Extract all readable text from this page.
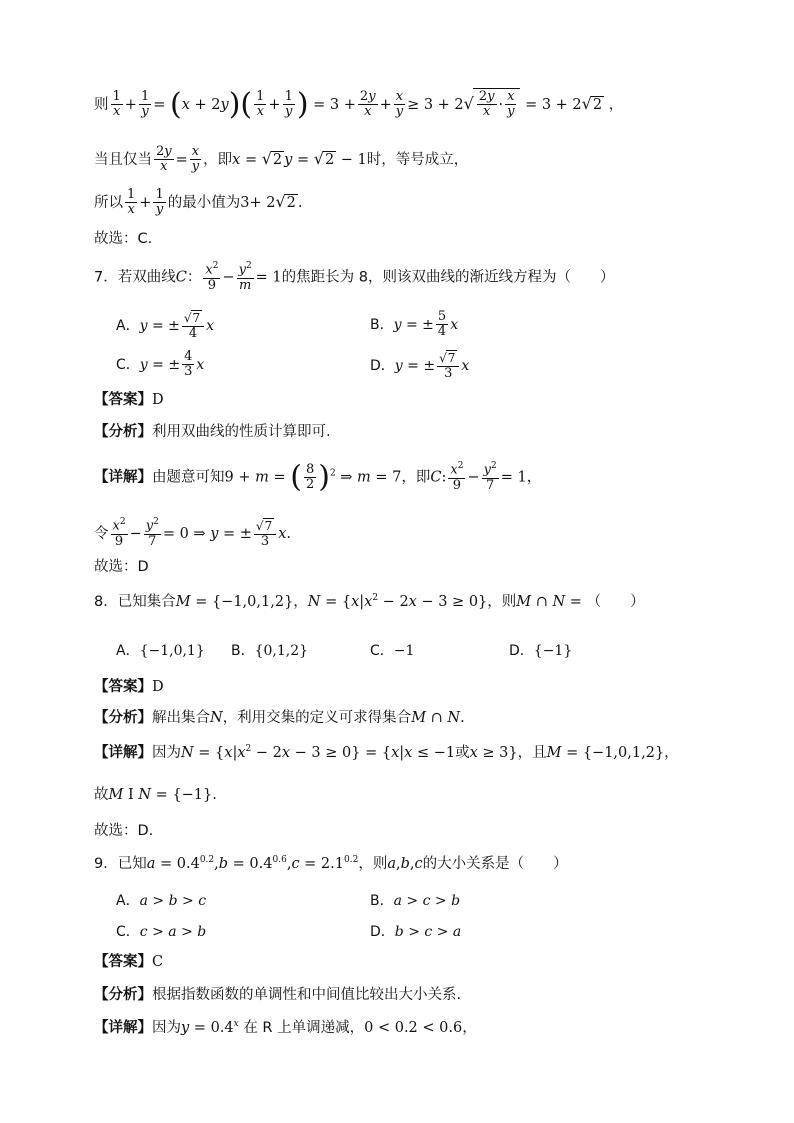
则 $\frac{1}{x} + \frac{1}{y} = (x + 2y)( \frac{1}{x} + \frac{1}{y}$ ) = $3 + \frac{2y}{x} + \frac{x}{y} \ge 3 + 2√ \frac{2y}{x} \cdot \frac{x}{y} = 3 + 2√2$ ，
当且仅当 $\frac{2y}{x} = \frac{x}{y}$ ，即x = √2 y = √2 − 1时，等号成立，
所以 $\frac{1}{x} + \frac{1}{y}$ 的最小值为3+ 2√2 .
故选：C.
7．若双曲线C： $\frac{x^2}{9} - \frac{y^2}{m} = 1$的焦距长为 8，则该双曲线的渐近线方程为（　　）
A．y = ± $\frac{√7}{4}$ x	B．y = ± $\frac{5}{4}$ x
C．y = ± $\frac{4}{3}$ x	D．y = ± $\frac{√7}{3}$ x
【答案】D
【分析】利用双曲线的性质计算即可.
【详解】由题意可知9 + m = ( $\frac{8}{2} )^2$ ⇒ m = 7，即C: $\frac{x^2}{9} - \frac{y^2}{7} = 1$，
令 $\frac{x^2}{9} - \frac{y^2}{7} = 0$ ⇒ y = ± $\frac{√7}{3} x$.
故选：D
8．已知集合M = {−1,0,1,2}，$N = \{x|x^2 - 2x - 3 \ge 0\}$，则M ∩ N = （　　）
A．{−1,0,1} B．{0,1,2}	C．−1	D．{−1}
【答案】D
【分析】解出集合N，利用交集的定义可求得集合M ∩ N.
【详解】因为$N = \{x|x^2 - 2x - 3 \ge 0\} = \{x|x \le -1$或x ≥ 3}，且M = {−1,0,1,2}，
故M I N = {−1}.
故选：D.
9．已知$a = 0.4^{0.2},b = 0.4^{0.6},c = 2.1^{0.2}$，则a,b,c的大小关系是（　　）
A．a > b > c	B．a > c > b
C．c > a > b	D．b > c > a
【答案】C
【分析】根据指数函数的单调性和中间值比较出大小关系.
【详解】因为$y = 0.4^x$ 在 R 上单调递减，0 < 0.2 < 0.6，
